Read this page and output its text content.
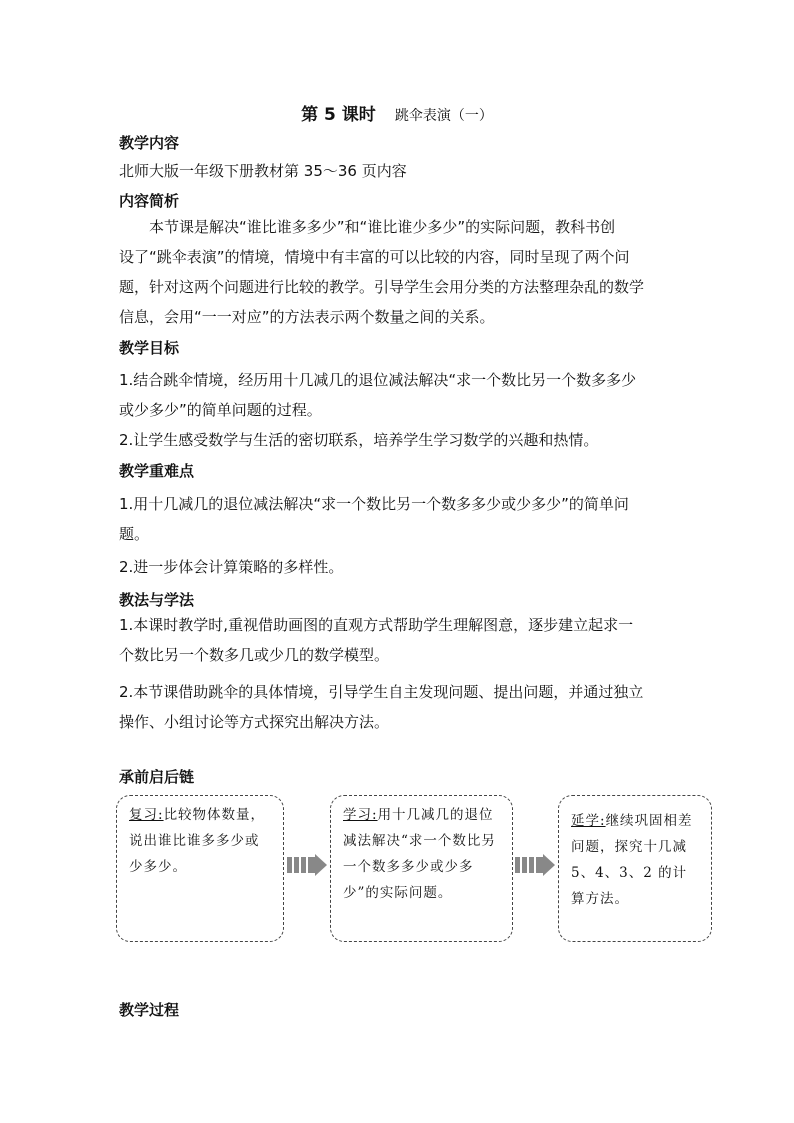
第 5 课时 跳伞表演（一）
教学内容
北师大版一年级下册教材第 35～36 页内容
内容简析
本节课是解决“谁比谁多多少”和“谁比谁少多少”的实际问题，教科书创
设了“跳伞表演”的情境，情境中有丰富的可以比较的内容，同时呈现了两个问
题，针对这两个问题进行比较的教学。引导学生会用分类的方法整理杂乱的数学
信息，会用“一一对应”的方法表示两个数量之间的关系。
教学目标
1.结合跳伞情境，经历用十几减几的退位减法解决“求一个数比另一个数多多少
或少多少”的简单问题的过程。
2.让学生感受数学与生活的密切联系，培养学生学习数学的兴趣和热情。
教学重难点
1.用十几减几的退位减法解决“求一个数比另一个数多多少或少多少”的简单问
题。
2.进一步体会计算策略的多样性。
教法与学法
1.本课时教学时,重视借助画图的直观方式帮助学生理解图意，逐步建立起求一
个数比另一个数多几或少几的数学模型。
2.本节课借助跳伞的具体情境，引导学生自主发现问题、提出问题，并通过独立
操作、小组讨论等方式探究出解决方法。
承前启后链
复习:比较物体数量，说出谁比谁多多少或少多少。
学习:用十几减几的退位减法解决“求一个数比另一个数多多少或少多少”的实际问题。
延学:继续巩固相差问题，探究十几减 5、4、3、2 的计算方法。
教学过程
